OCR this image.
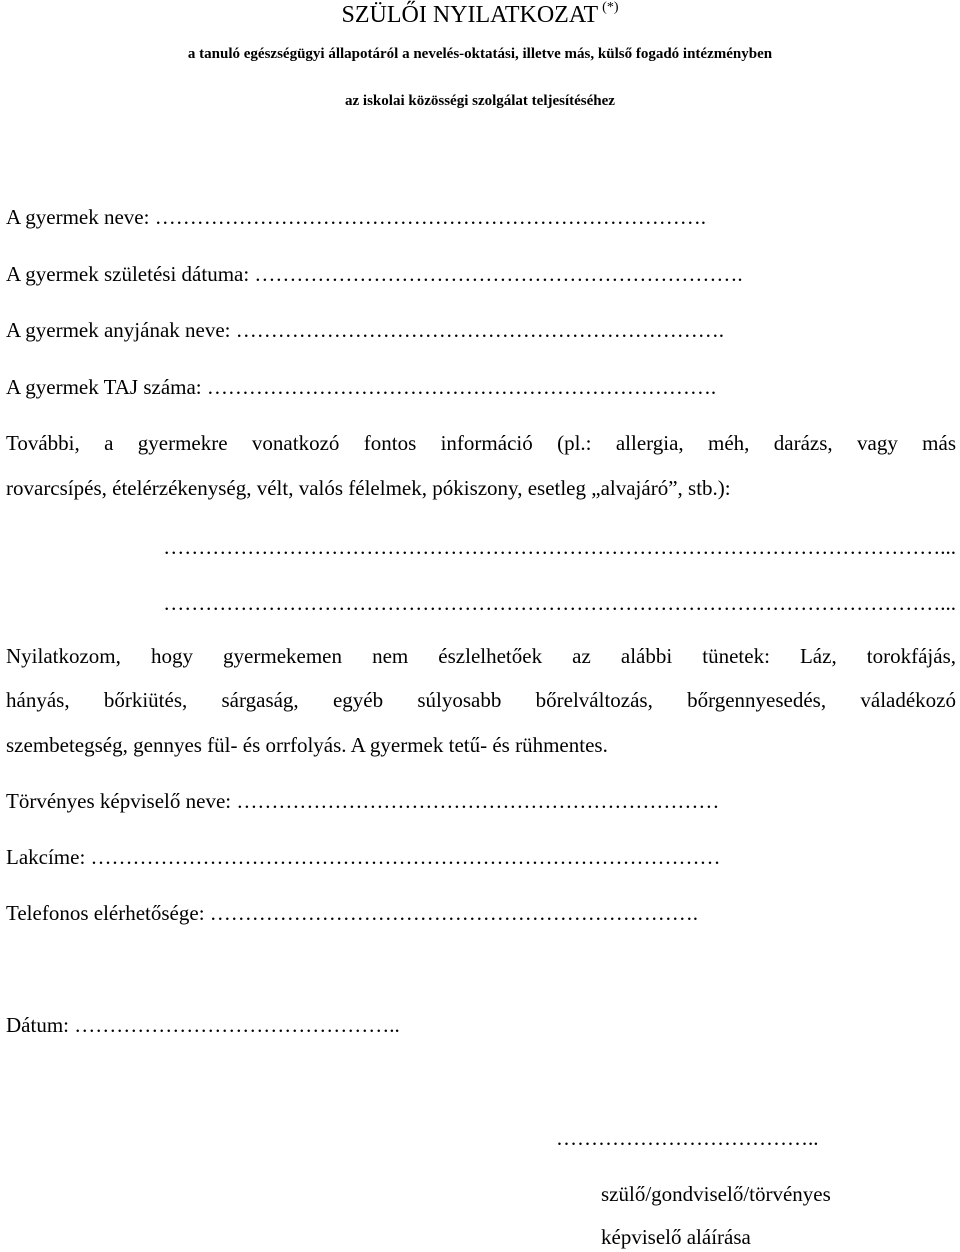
SZÜLŐI NYILATKOZAT (*)
a tanuló egészségügyi állapotáról a nevelés-oktatási, illetve más, külső fogadó intézményben
az iskolai közösségi szolgálat teljesítéséhez
A gyermek neve: …………………………………………………………………….
A gyermek születési dátuma: …………………………………………………………….
A gyermek anyjának neve: …………………………………………………………….
A gyermek TAJ száma: ……………………………………………………………….
További, a gyermekre vonatkozó fontos információ (pl.: allergia, méh, darázs, vagy más
rovarcsípés, ételérzékenység, vélt, valós félelmek, pókiszony, esetleg „alvajáró”, stb.):
…………………………………………………………………………………………………...
…………………………………………………………………………………………………...
Nyilatkozom, hogy gyermekemen nem észlelhetőek az alábbi tünetek: Láz, torokfájás,
hányás, bőrkiütés, sárgaság, egyéb súlyosabb bőrelváltozás, bőrgennyesedés, váladékozó
szembetegség, gennyes fül- és orrfolyás. A gyermek tetű- és rühmentes.
Törvényes képviselő neve: ……………………………………………………………
Lakcíme: ………………………………………………………………………………
Telefonos elérhetősége: …………………………………………………………….
Dátum: ………………………………………..
………………………………..
szülő/gondviselő/törvényes
képviselő aláírása
